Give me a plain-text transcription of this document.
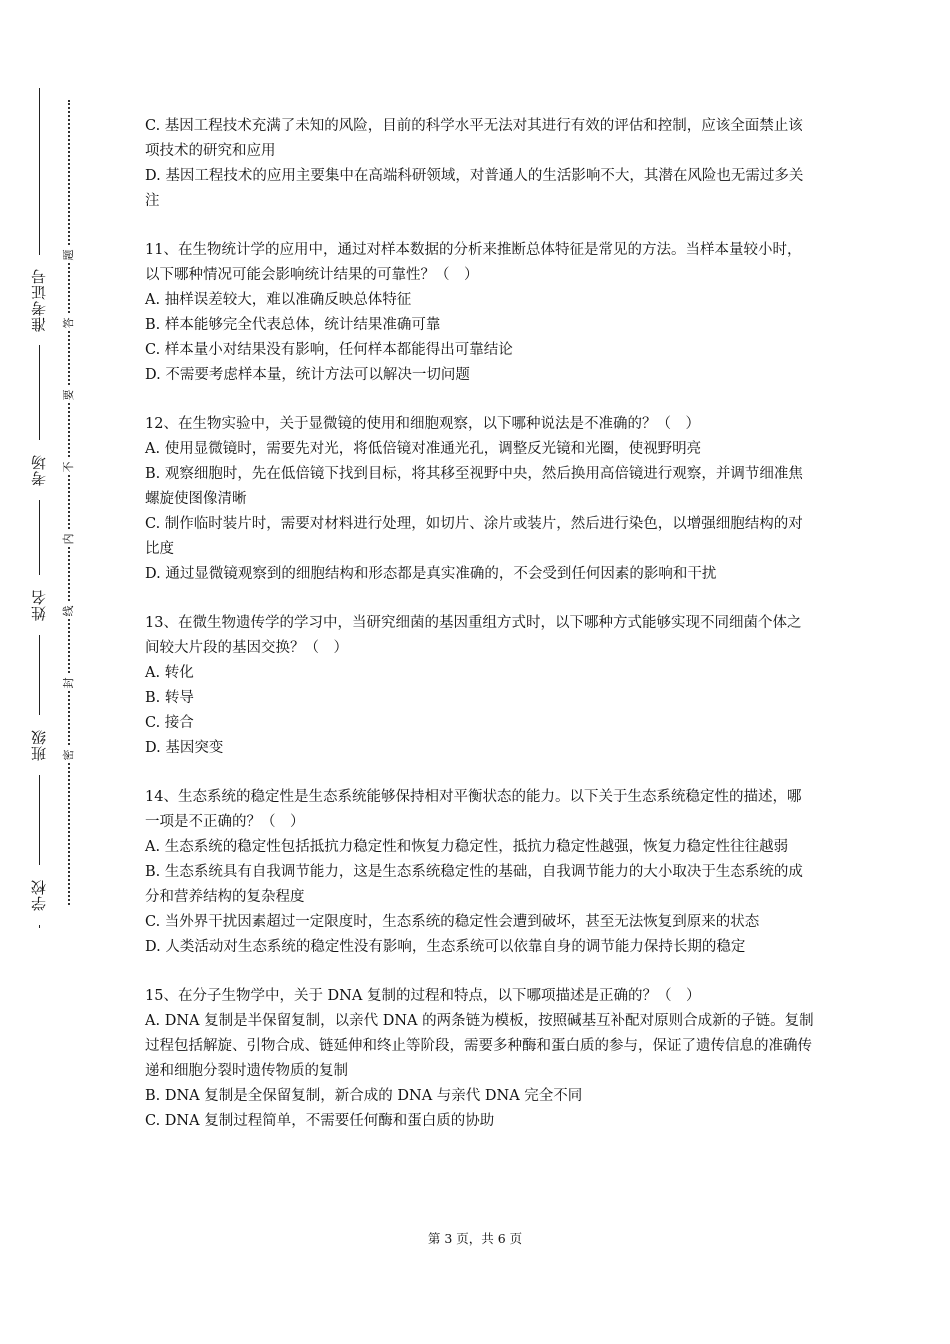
准考证号
考场
姓名
班级
学校
题
答
要
不
内
线
封
密

C. 基因工程技术充满了未知的风险，目前的科学水平无法对其进行有效的评估和控制，应该全面禁止该项技术的研究和应用

D. 基因工程技术的应用主要集中在高端科研领域，对普通人的生活影响不大，其潜在风险也无需过多关注

11、在生物统计学的应用中，通过对样本数据的分析来推断总体特征是常见的方法。当样本量较小时，以下哪种情况可能会影响统计结果的可靠性？（　）

A. 抽样误差较大，难以准确反映总体特征

B. 样本能够完全代表总体，统计结果准确可靠

C. 样本量小对结果没有影响，任何样本都能得出可靠结论

D. 不需要考虑样本量，统计方法可以解决一切问题

12、在生物实验中，关于显微镜的使用和细胞观察，以下哪种说法是不准确的？（　）

A. 使用显微镜时，需要先对光，将低倍镜对准通光孔，调整反光镜和光圈，使视野明亮

B. 观察细胞时，先在低倍镜下找到目标，将其移至视野中央，然后换用高倍镜进行观察，并调节细准焦螺旋使图像清晰

C. 制作临时装片时，需要对材料进行处理，如切片、涂片或装片，然后进行染色，以增强细胞结构的对比度

D. 通过显微镜观察到的细胞结构和形态都是真实准确的，不会受到任何因素的影响和干扰

13、在微生物遗传学的学习中，当研究细菌的基因重组方式时，以下哪种方式能够实现不同细菌个体之间较大片段的基因交换？（　）

A. 转化

B. 转导

C. 接合

D. 基因突变

14、生态系统的稳定性是生态系统能够保持相对平衡状态的能力。以下关于生态系统稳定性的描述，哪一项是不正确的？（　）

A. 生态系统的稳定性包括抵抗力稳定性和恢复力稳定性，抵抗力稳定性越强，恢复力稳定性往往越弱

B. 生态系统具有自我调节能力，这是生态系统稳定性的基础，自我调节能力的大小取决于生态系统的成分和营养结构的复杂程度

C. 当外界干扰因素超过一定限度时，生态系统的稳定性会遭到破坏，甚至无法恢复到原来的状态

D. 人类活动对生态系统的稳定性没有影响，生态系统可以依靠自身的调节能力保持长期的稳定

15、在分子生物学中，关于 DNA 复制的过程和特点，以下哪项描述是正确的？（　）

A. DNA 复制是半保留复制，以亲代 DNA 的两条链为模板，按照碱基互补配对原则合成新的子链。复制过程包括解旋、引物合成、链延伸和终止等阶段，需要多种酶和蛋白质的参与，保证了遗传信息的准确传递和细胞分裂时遗传物质的复制

B. DNA 复制是全保留复制，新合成的 DNA 与亲代 DNA 完全不同

C. DNA 复制过程简单，不需要任何酶和蛋白质的协助

第 3 页，共 6 页
